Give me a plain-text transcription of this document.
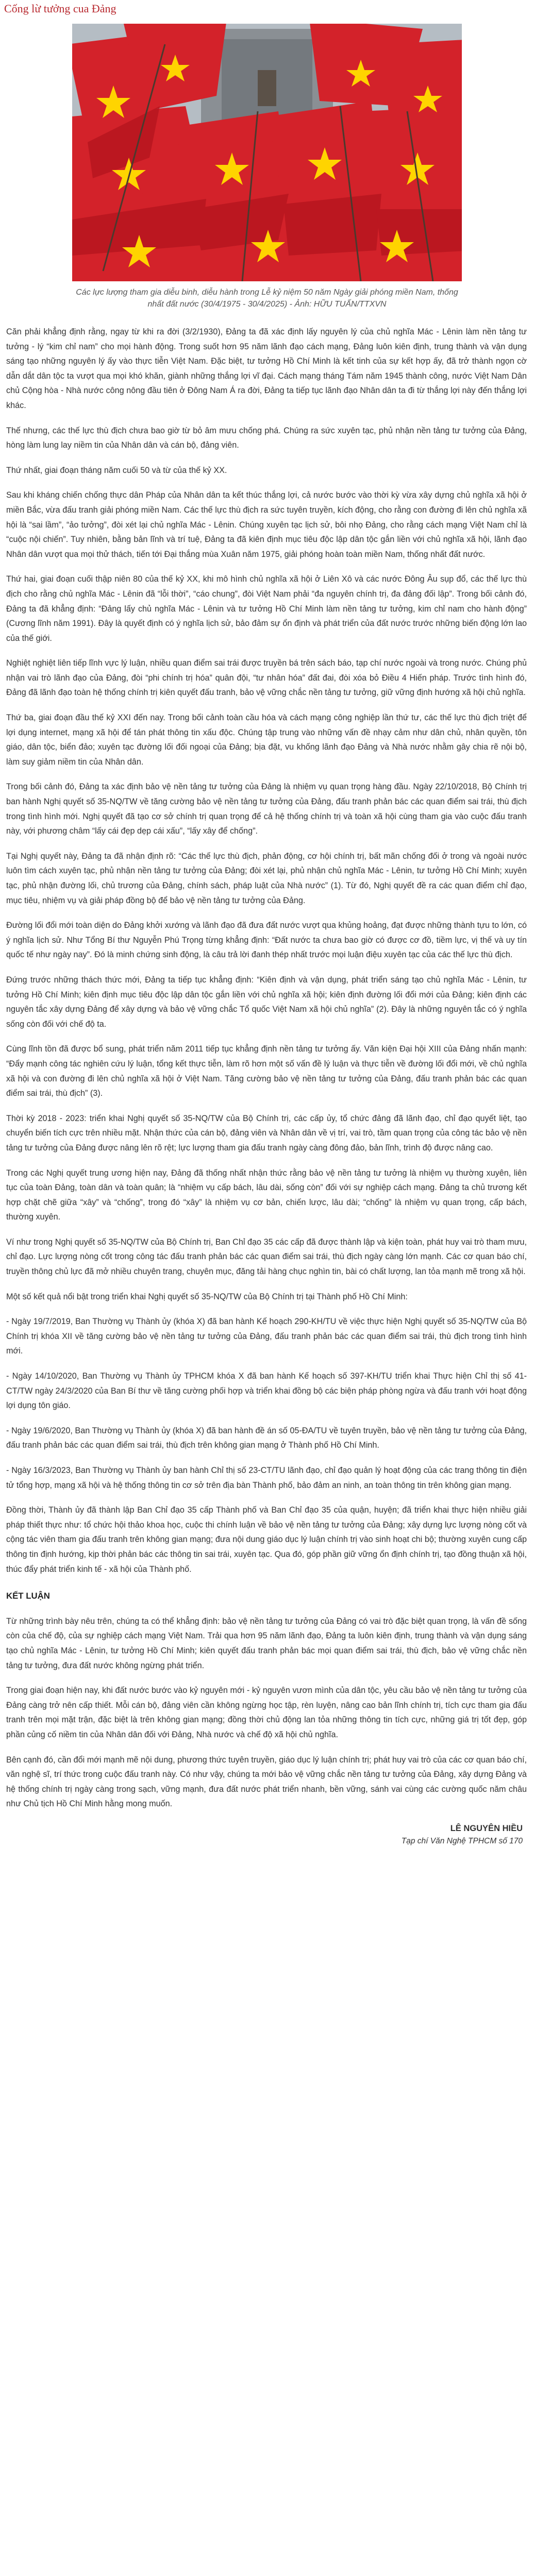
Cống lừ tưởng cua Đảng

Các lực lượng tham gia diễu binh, diễu hành trong Lễ kỷ niệm 50 năm Ngày giải phóng miền Nam, thống nhất đất nước (30/4/1975 - 30/4/2025) - Ảnh: HỮU TUẤN/TTXVN

Căn phải khẳng định rằng, ngay từ khi ra đời (3/2/1930), Đảng ta đã xác định lấy nguyên lý của chủ nghĩa Mác - Lênin làm nền tảng tư tưởng - lý “kim chỉ nam” cho mọi hành động. Trong suốt hơn 95 năm lãnh đạo cách mạng, Đảng luôn kiên định, trung thành và vận dụng sáng tạo những nguyên lý ấy vào thực tiễn Việt Nam. Đặc biệt, tư tưởng Hồ Chí Minh là kết tinh của sự kết hợp ấy, đã trở thành ngọn cờ dẫn dắt dân tộc ta vượt qua mọi khó khăn, giành những thắng lợi vĩ đại. Cách mạng tháng Tám năm 1945 thành công, nước Việt Nam Dân chủ Cộng hòa - Nhà nước công nông đầu tiên ở Đông Nam Á ra đời, Đảng ta tiếp tục lãnh đạo Nhân dân ta đi từ thắng lợi này đến thắng lợi khác.

Thế nhưng, các thế lực thù địch chưa bao giờ từ bỏ âm mưu chống phá. Chúng ra sức xuyên tạc, phủ nhận nền tảng tư tưởng của Đảng, hòng làm lung lay niềm tin của Nhân dân và cán bộ, đảng viên.

Thứ nhất, giai đoạn tháng năm cuối 50 và từ của thế kỷ XX.

Sau khi kháng chiến chống thực dân Pháp của Nhân dân ta kết thúc thắng lợi, cả nước bước vào thời kỳ vừa xây dựng chủ nghĩa xã hội ở miền Bắc, vừa đấu tranh giải phóng miền Nam. Các thế lực thù địch ra sức tuyên truyền, kích động, cho rằng con đường đi lên chủ nghĩa xã hội là “sai lầm”, “ảo tưởng”, đòi xét lại chủ nghĩa Mác - Lênin. Chúng xuyên tạc lịch sử, bôi nhọ Đảng, cho rằng cách mạng Việt Nam chỉ là “cuộc nội chiến”. Tuy nhiên, bằng bản lĩnh và trí tuệ, Đảng ta đã kiên định mục tiêu độc lập dân tộc gắn liền với chủ nghĩa xã hội, lãnh đạo Nhân dân vượt qua mọi thử thách, tiến tới Đại thắng mùa Xuân năm 1975, giải phóng hoàn toàn miền Nam, thống nhất đất nước.

Thứ hai, giai đoạn cuối thập niên 80 của thế kỷ XX, khi mô hình chủ nghĩa xã hội ở Liên Xô và các nước Đông Âu sụp đổ, các thế lực thù địch cho rằng chủ nghĩa Mác - Lênin đã “lỗi thời”, “cáo chung”, đòi Việt Nam phải “đa nguyên chính trị, đa đảng đối lập”. Trong bối cảnh đó, Đảng ta đã khẳng định: “Đảng lấy chủ nghĩa Mác - Lênin và tư tưởng Hồ Chí Minh làm nền tảng tư tưởng, kim chỉ nam cho hành động” (Cương lĩnh năm 1991). Đây là quyết định có ý nghĩa lịch sử, bảo đảm sự ổn định và phát triển của đất nước trước những biến động lớn lao của thế giới.

Nghiệt nghiệt liên tiếp lĩnh vực lý luận, nhiều quan điểm sai trái được truyền bá trên sách báo, tạp chí nước ngoài và trong nước. Chúng phủ nhận vai trò lãnh đạo của Đảng, đòi “phi chính trị hóa” quân đội, “tư nhân hóa” đất đai, đòi xóa bỏ Điều 4 Hiến pháp. Trước tình hình đó, Đảng đã lãnh đạo toàn hệ thống chính trị kiên quyết đấu tranh, bảo vệ vững chắc nền tảng tư tưởng, giữ vững định hướng xã hội chủ nghĩa.

Thứ ba, giai đoạn đầu thế kỷ XXI đến nay. Trong bối cảnh toàn cầu hóa và cách mạng công nghiệp lần thứ tư, các thế lực thù địch triệt để lợi dụng internet, mạng xã hội để tán phát thông tin xấu độc. Chúng tập trung vào những vấn đề nhạy cảm như dân chủ, nhân quyền, tôn giáo, dân tộc, biển đảo; xuyên tạc đường lối đối ngoại của Đảng; bịa đặt, vu khống lãnh đạo Đảng và Nhà nước nhằm gây chia rẽ nội bộ, làm suy giảm niềm tin của Nhân dân.

Trong bối cảnh đó, Đảng ta xác định bảo vệ nền tảng tư tưởng của Đảng là nhiệm vụ quan trọng hàng đầu. Ngày 22/10/2018, Bộ Chính trị ban hành Nghị quyết số 35-NQ/TW về tăng cường bảo vệ nền tảng tư tưởng của Đảng, đấu tranh phản bác các quan điểm sai trái, thù địch trong tình hình mới. Nghị quyết đã tạo cơ sở chính trị quan trọng để cả hệ thống chính trị và toàn xã hội cùng tham gia vào cuộc đấu tranh này, với phương châm “lấy cái đẹp dẹp cái xấu”, “lấy xây để chống”.

Tại Nghị quyết này, Đảng ta đã nhận định rõ: “Các thế lực thù địch, phản động, cơ hội chính trị, bất mãn chống đối ở trong và ngoài nước luôn tìm cách xuyên tạc, phủ nhận nền tảng tư tưởng của Đảng; đòi xét lại, phủ nhận chủ nghĩa Mác - Lênin, tư tưởng Hồ Chí Minh; xuyên tạc, phủ nhận đường lối, chủ trương của Đảng, chính sách, pháp luật của Nhà nước” (1). Từ đó, Nghị quyết đề ra các quan điểm chỉ đạo, mục tiêu, nhiệm vụ và giải pháp đồng bộ để bảo vệ nền tảng tư tưởng của Đảng.

Đường lối đổi mới toàn diện do Đảng khởi xướng và lãnh đạo đã đưa đất nước vượt qua khủng hoảng, đạt được những thành tựu to lớn, có ý nghĩa lịch sử. Như Tổng Bí thư Nguyễn Phú Trọng từng khẳng định: “Đất nước ta chưa bao giờ có được cơ đồ, tiềm lực, vị thế và uy tín quốc tế như ngày nay”. Đó là minh chứng sinh động, là câu trả lời đanh thép nhất trước mọi luận điệu xuyên tạc của các thế lực thù địch.

Đứng trước những thách thức mới, Đảng ta tiếp tục khẳng định: “Kiên định và vận dụng, phát triển sáng tạo chủ nghĩa Mác - Lênin, tư tưởng Hồ Chí Minh; kiên định mục tiêu độc lập dân tộc gắn liền với chủ nghĩa xã hội; kiên định đường lối đổi mới của Đảng; kiên định các nguyên tắc xây dựng Đảng để xây dựng và bảo vệ vững chắc Tổ quốc Việt Nam xã hội chủ nghĩa” (2). Đây là những nguyên tắc có ý nghĩa sống còn đối với chế độ ta.

Cùng lĩnh tồn đã được bổ sung, phát triển năm 2011 tiếp tục khẳng định nền tảng tư tưởng ấy. Văn kiện Đại hội XIII của Đảng nhấn mạnh: “Đẩy mạnh công tác nghiên cứu lý luận, tổng kết thực tiễn, làm rõ hơn một số vấn đề lý luận và thực tiễn về đường lối đổi mới, về chủ nghĩa xã hội và con đường đi lên chủ nghĩa xã hội ở Việt Nam. Tăng cường bảo vệ nền tảng tư tưởng của Đảng, đấu tranh phản bác các quan điểm sai trái, thù địch” (3).

Thời kỳ 2018 - 2023: triển khai Nghị quyết số 35-NQ/TW của Bộ Chính trị, các cấp ủy, tổ chức đảng đã lãnh đạo, chỉ đạo quyết liệt, tạo chuyển biến tích cực trên nhiều mặt. Nhận thức của cán bộ, đảng viên và Nhân dân về vị trí, vai trò, tầm quan trọng của công tác bảo vệ nền tảng tư tưởng của Đảng được nâng lên rõ rệt; lực lượng tham gia đấu tranh ngày càng đông đảo, bản lĩnh, trình độ được nâng cao.

Trong các Nghị quyết trung ương hiện nay, Đảng đã thống nhất nhận thức rằng bảo vệ nền tảng tư tưởng là nhiệm vụ thường xuyên, liên tục của toàn Đảng, toàn dân và toàn quân; là “nhiệm vụ cấp bách, lâu dài, sống còn” đối với sự nghiệp cách mạng. Đảng ta chủ trương kết hợp chặt chẽ giữa “xây” và “chống”, trong đó “xây” là nhiệm vụ cơ bản, chiến lược, lâu dài; “chống” là nhiệm vụ quan trọng, cấp bách, thường xuyên.

Ví như trong Nghị quyết số 35-NQ/TW của Bộ Chính trị, Ban Chỉ đạo 35 các cấp đã được thành lập và kiện toàn, phát huy vai trò tham mưu, chỉ đạo. Lực lượng nòng cốt trong công tác đấu tranh phản bác các quan điểm sai trái, thù địch ngày càng lớn mạnh. Các cơ quan báo chí, truyền thông chủ lực đã mở nhiều chuyên trang, chuyên mục, đăng tải hàng chục nghìn tin, bài có chất lượng, lan tỏa mạnh mẽ trong xã hội.

Một số kết quả nổi bật trong triển khai Nghị quyết số 35-NQ/TW của Bộ Chính trị tại Thành phố Hồ Chí Minh:

- Ngày 19/7/2019, Ban Thường vụ Thành ủy (khóa X) đã ban hành Kế hoạch 290-KH/TU về việc thực hiện Nghị quyết số 35-NQ/TW của Bộ Chính trị khóa XII về tăng cường bảo vệ nền tảng tư tưởng của Đảng, đấu tranh phản bác các quan điểm sai trái, thù địch trong tình hình mới.

- Ngày 14/10/2020, Ban Thường vụ Thành ủy TPHCM khóa X đã ban hành Kế hoạch số 397-KH/TU triển khai Thực hiện Chỉ thị số 41-CT/TW ngày 24/3/2020 của Ban Bí thư về tăng cường phối hợp và triển khai đồng bộ các biện pháp phòng ngừa và đấu tranh với hoạt động lợi dụng tôn giáo.

- Ngày 19/6/2020, Ban Thường vụ Thành ủy (khóa X) đã ban hành đề án số 05-ĐA/TU về tuyên truyền, bảo vệ nền tảng tư tưởng của Đảng, đấu tranh phản bác các quan điểm sai trái, thù địch trên không gian mạng ở Thành phố Hồ Chí Minh.

- Ngày 16/3/2023, Ban Thường vụ Thành ủy ban hành Chỉ thị số 23-CT/TU lãnh đạo, chỉ đạo quản lý hoạt động của các trang thông tin điện tử tổng hợp, mạng xã hội và hệ thống thông tin cơ sở trên địa bàn Thành phố, bảo đảm an ninh, an toàn thông tin trên không gian mạng.

Đồng thời, Thành ủy đã thành lập Ban Chỉ đạo 35 cấp Thành phố và Ban Chỉ đạo 35 của quận, huyện; đã triển khai thực hiện nhiều giải pháp thiết thực như: tổ chức hội thảo khoa học, cuộc thi chính luận về bảo vệ nền tảng tư tưởng của Đảng; xây dựng lực lượng nòng cốt và cộng tác viên tham gia đấu tranh trên không gian mạng; đưa nội dung giáo dục lý luận chính trị vào sinh hoạt chi bộ; thường xuyên cung cấp thông tin định hướng, kịp thời phản bác các thông tin sai trái, xuyên tạc. Qua đó, góp phần giữ vững ổn định chính trị, tạo đồng thuận xã hội, thúc đẩy phát triển kinh tế - xã hội của Thành phố.

KẾT LUẬN

Từ những trình bày nêu trên, chúng ta có thể khẳng định: bảo vệ nền tảng tư tưởng của Đảng có vai trò đặc biệt quan trọng, là vấn đề sống còn của chế độ, của sự nghiệp cách mạng Việt Nam. Trải qua hơn 95 năm lãnh đạo, Đảng ta luôn kiên định, trung thành và vận dụng sáng tạo chủ nghĩa Mác - Lênin, tư tưởng Hồ Chí Minh; kiên quyết đấu tranh phản bác mọi quan điểm sai trái, thù địch, bảo vệ vững chắc nền tảng tư tưởng, đưa đất nước không ngừng phát triển.

Trong giai đoạn hiện nay, khi đất nước bước vào kỷ nguyên mới - kỷ nguyên vươn mình của dân tộc, yêu cầu bảo vệ nền tảng tư tưởng của Đảng càng trở nên cấp thiết. Mỗi cán bộ, đảng viên cần không ngừng học tập, rèn luyện, nâng cao bản lĩnh chính trị, tích cực tham gia đấu tranh trên mọi mặt trận, đặc biệt là trên không gian mạng; đồng thời chủ động lan tỏa những thông tin tích cực, những giá trị tốt đẹp, góp phần củng cố niềm tin của Nhân dân đối với Đảng, Nhà nước và chế độ xã hội chủ nghĩa.

Bên cạnh đó, cần đổi mới mạnh mẽ nội dung, phương thức tuyên truyền, giáo dục lý luận chính trị; phát huy vai trò của các cơ quan báo chí, văn nghệ sĩ, trí thức trong cuộc đấu tranh này. Có như vậy, chúng ta mới bảo vệ vững chắc nền tảng tư tưởng của Đảng, xây dựng Đảng và hệ thống chính trị ngày càng trong sạch, vững mạnh, đưa đất nước phát triển nhanh, bền vững, sánh vai cùng các cường quốc năm châu như Chủ tịch Hồ Chí Minh hằng mong muốn.

LÊ NGUYÊN HIỀU
Tạp chí Văn Nghệ TPHCM số 170
